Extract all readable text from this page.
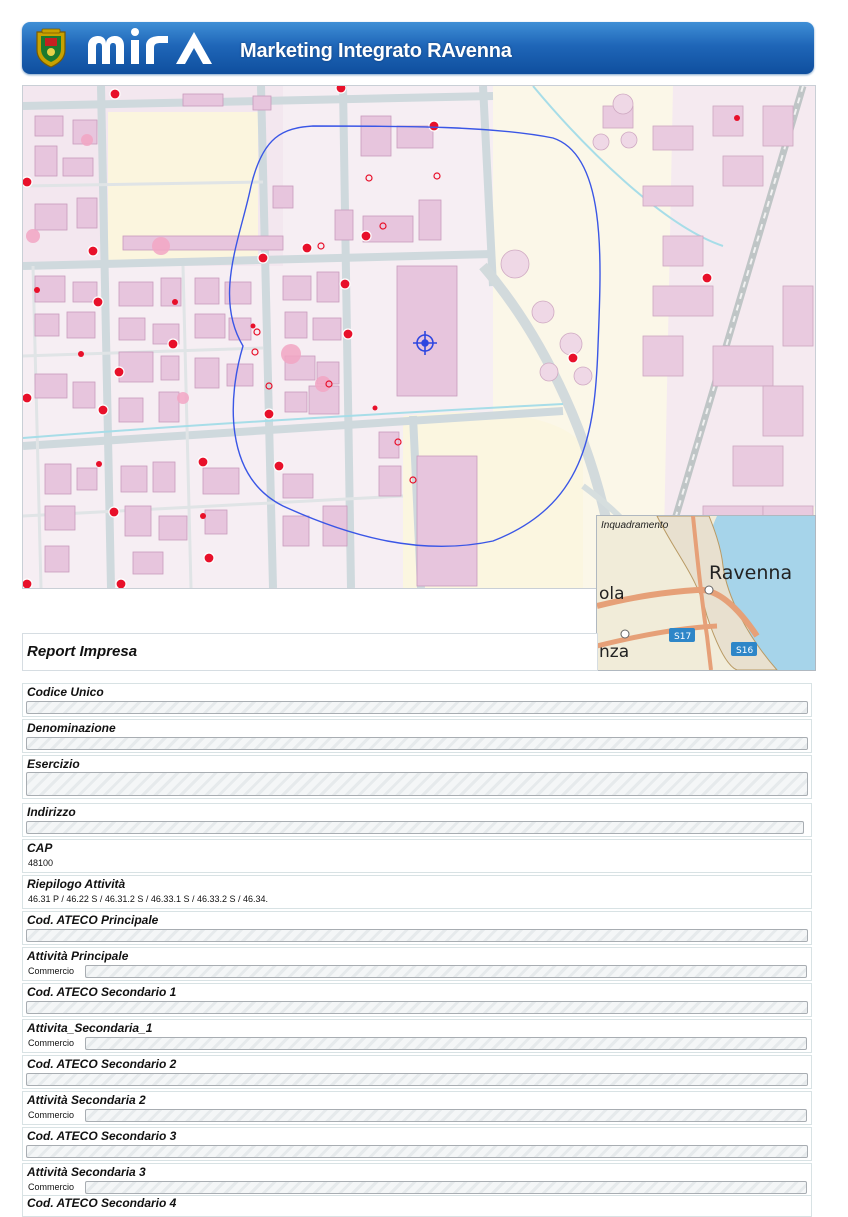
Marketing Integrato RAvenna
S17
S16
Inquadramento
Ravenna
ola
nza
Report Impresa
Codice Unico
Denominazione
Esercizio
Indirizzo
CAP
48100
Riepilogo Attività
46.31 P / 46.22 S / 46.31.2 S / 46.33.1 S / 46.33.2 S / 46.34.
Cod. ATECO Principale
Attività Principale
Commercio
Cod. ATECO Secondario 1
Attivita_Secondaria_1
Commercio
Cod. ATECO Secondario 2
Attività Secondaria 2
Commercio
Cod. ATECO Secondario 3
Attività Secondaria 3
Commercio
Cod. ATECO Secondario 4
